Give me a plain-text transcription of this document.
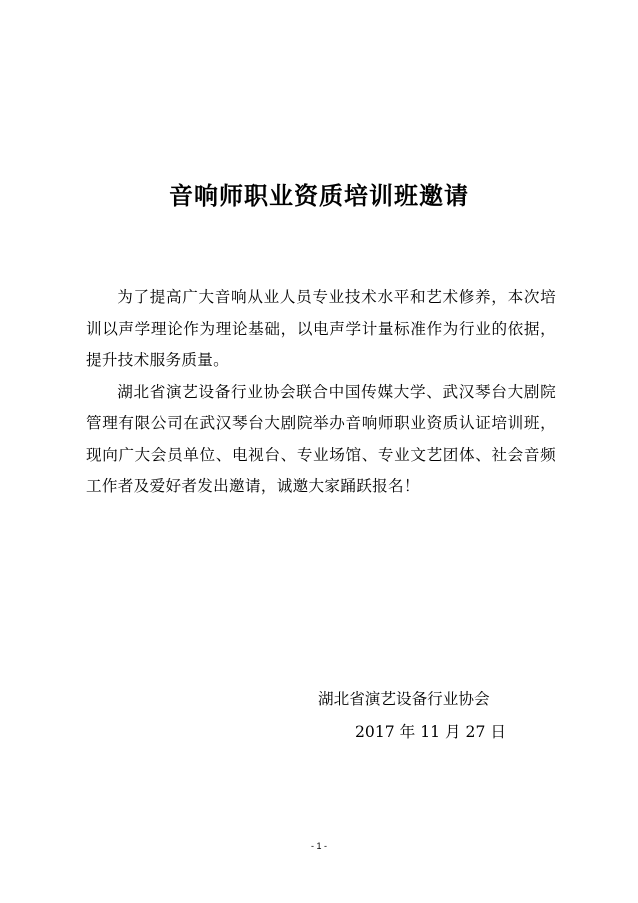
音响师职业资质培训班邀请

为了提高广大音响从业人员专业技术水平和艺术修养，本次培训以声学理论作为理论基础，以电声学计量标准作为行业的依据，提升技术服务质量。

湖北省演艺设备行业协会联合中国传媒大学、武汉琴台大剧院管理有限公司在武汉琴台大剧院举办音响师职业资质认证培训班，现向广大会员单位、电视台、专业场馆、专业文艺团体、社会音频工作者及爱好者发出邀请，诚邀大家踊跃报名！

湖北省演艺设备行业协会
2017 年 11 月 27 日
- 1 -
